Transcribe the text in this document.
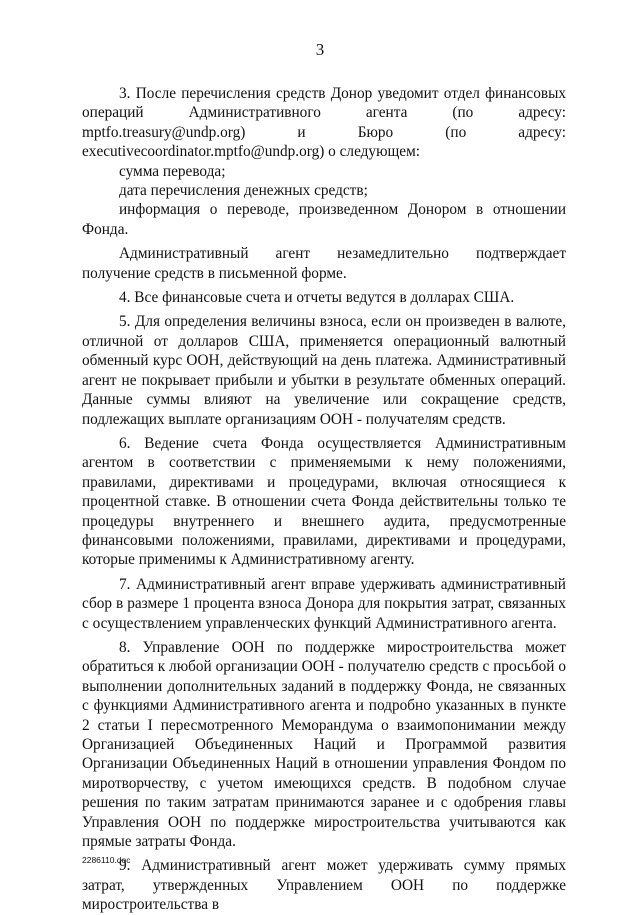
3

3. После перечисления средств Донор уведомит отдел финансовых операций Административного агента (по адресу: mptfo.treasury@undp.org) и Бюро (по адресу: executivecoordinator.mptfo@undp.org) о следующем:

сумма перевода;

дата перечисления денежных средств;

информация о переводе, произведенном Донором в отношении Фонда.

Административный агент незамедлительно подтверждает получение средств в письменной форме.

4. Все финансовые счета и отчеты ведутся в долларах США.

5. Для определения величины взноса, если он произведен в валюте, отличной от долларов США, применяется операционный валютный обменный курс ООН, действующий на день платежа. Административный агент не покрывает прибыли и убытки в результате обменных операций. Данные суммы влияют на увеличение или сокращение средств, подлежащих выплате организациям ООН - получателям средств.

6. Ведение счета Фонда осуществляется Административным агентом в соответствии с применяемыми к нему положениями, правилами, директивами и процедурами, включая относящиеся к процентной ставке. В отношении счета Фонда действительны только те процедуры внутреннего и внешнего аудита, предусмотренные финансовыми положениями, правилами, директивами и процедурами, которые применимы к Административному агенту.

7. Административный агент вправе удерживать административный сбор в размере 1 процента взноса Донора для покрытия затрат, связанных с осуществлением управленческих функций Административного агента.

8. Управление ООН по поддержке миростроительства может обратиться к любой организации ООН - получателю средств с просьбой о выполнении дополнительных заданий в поддержку Фонда, не связанных с функциями Административного агента и подробно указанных в пункте 2 статьи I пересмотренного Меморандума о взаимопонимании между Организацией Объединенных Наций и Программой развития Организации Объединенных Наций в отношении управления Фондом по миротворчеству, с учетом имеющихся средств. В подобном случае решения по таким затратам принимаются заранее и с одобрения главы Управления ООН по поддержке миростроительства учитываются как прямые затраты Фонда.

9. Административный агент может удерживать сумму прямых затрат, утвержденных Управлением ООН по поддержке миростроительства в

2286110.doc
